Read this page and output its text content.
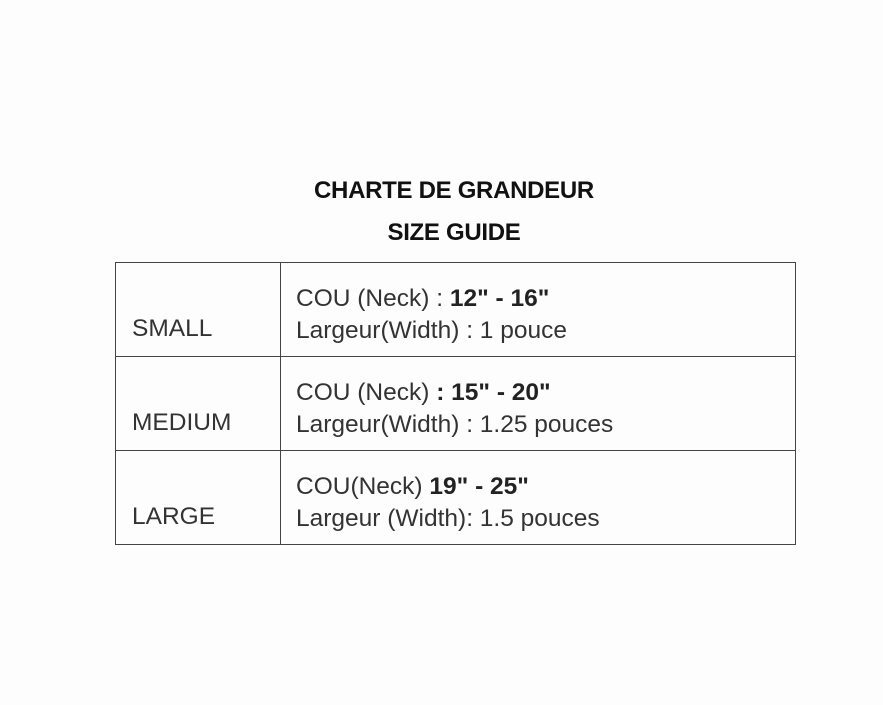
CHARTE DE GRANDEUR
SIZE GUIDE
SMALL	COU (Neck) : 12" - 16"
Largeur(Width) : 1 pouce

MEDIUM	COU (Neck) : 15" - 20"
Largeur(Width) : 1.25 pouces

LARGE	COU(Neck) 19" - 25"
Largeur (Width): 1.5 pouces
